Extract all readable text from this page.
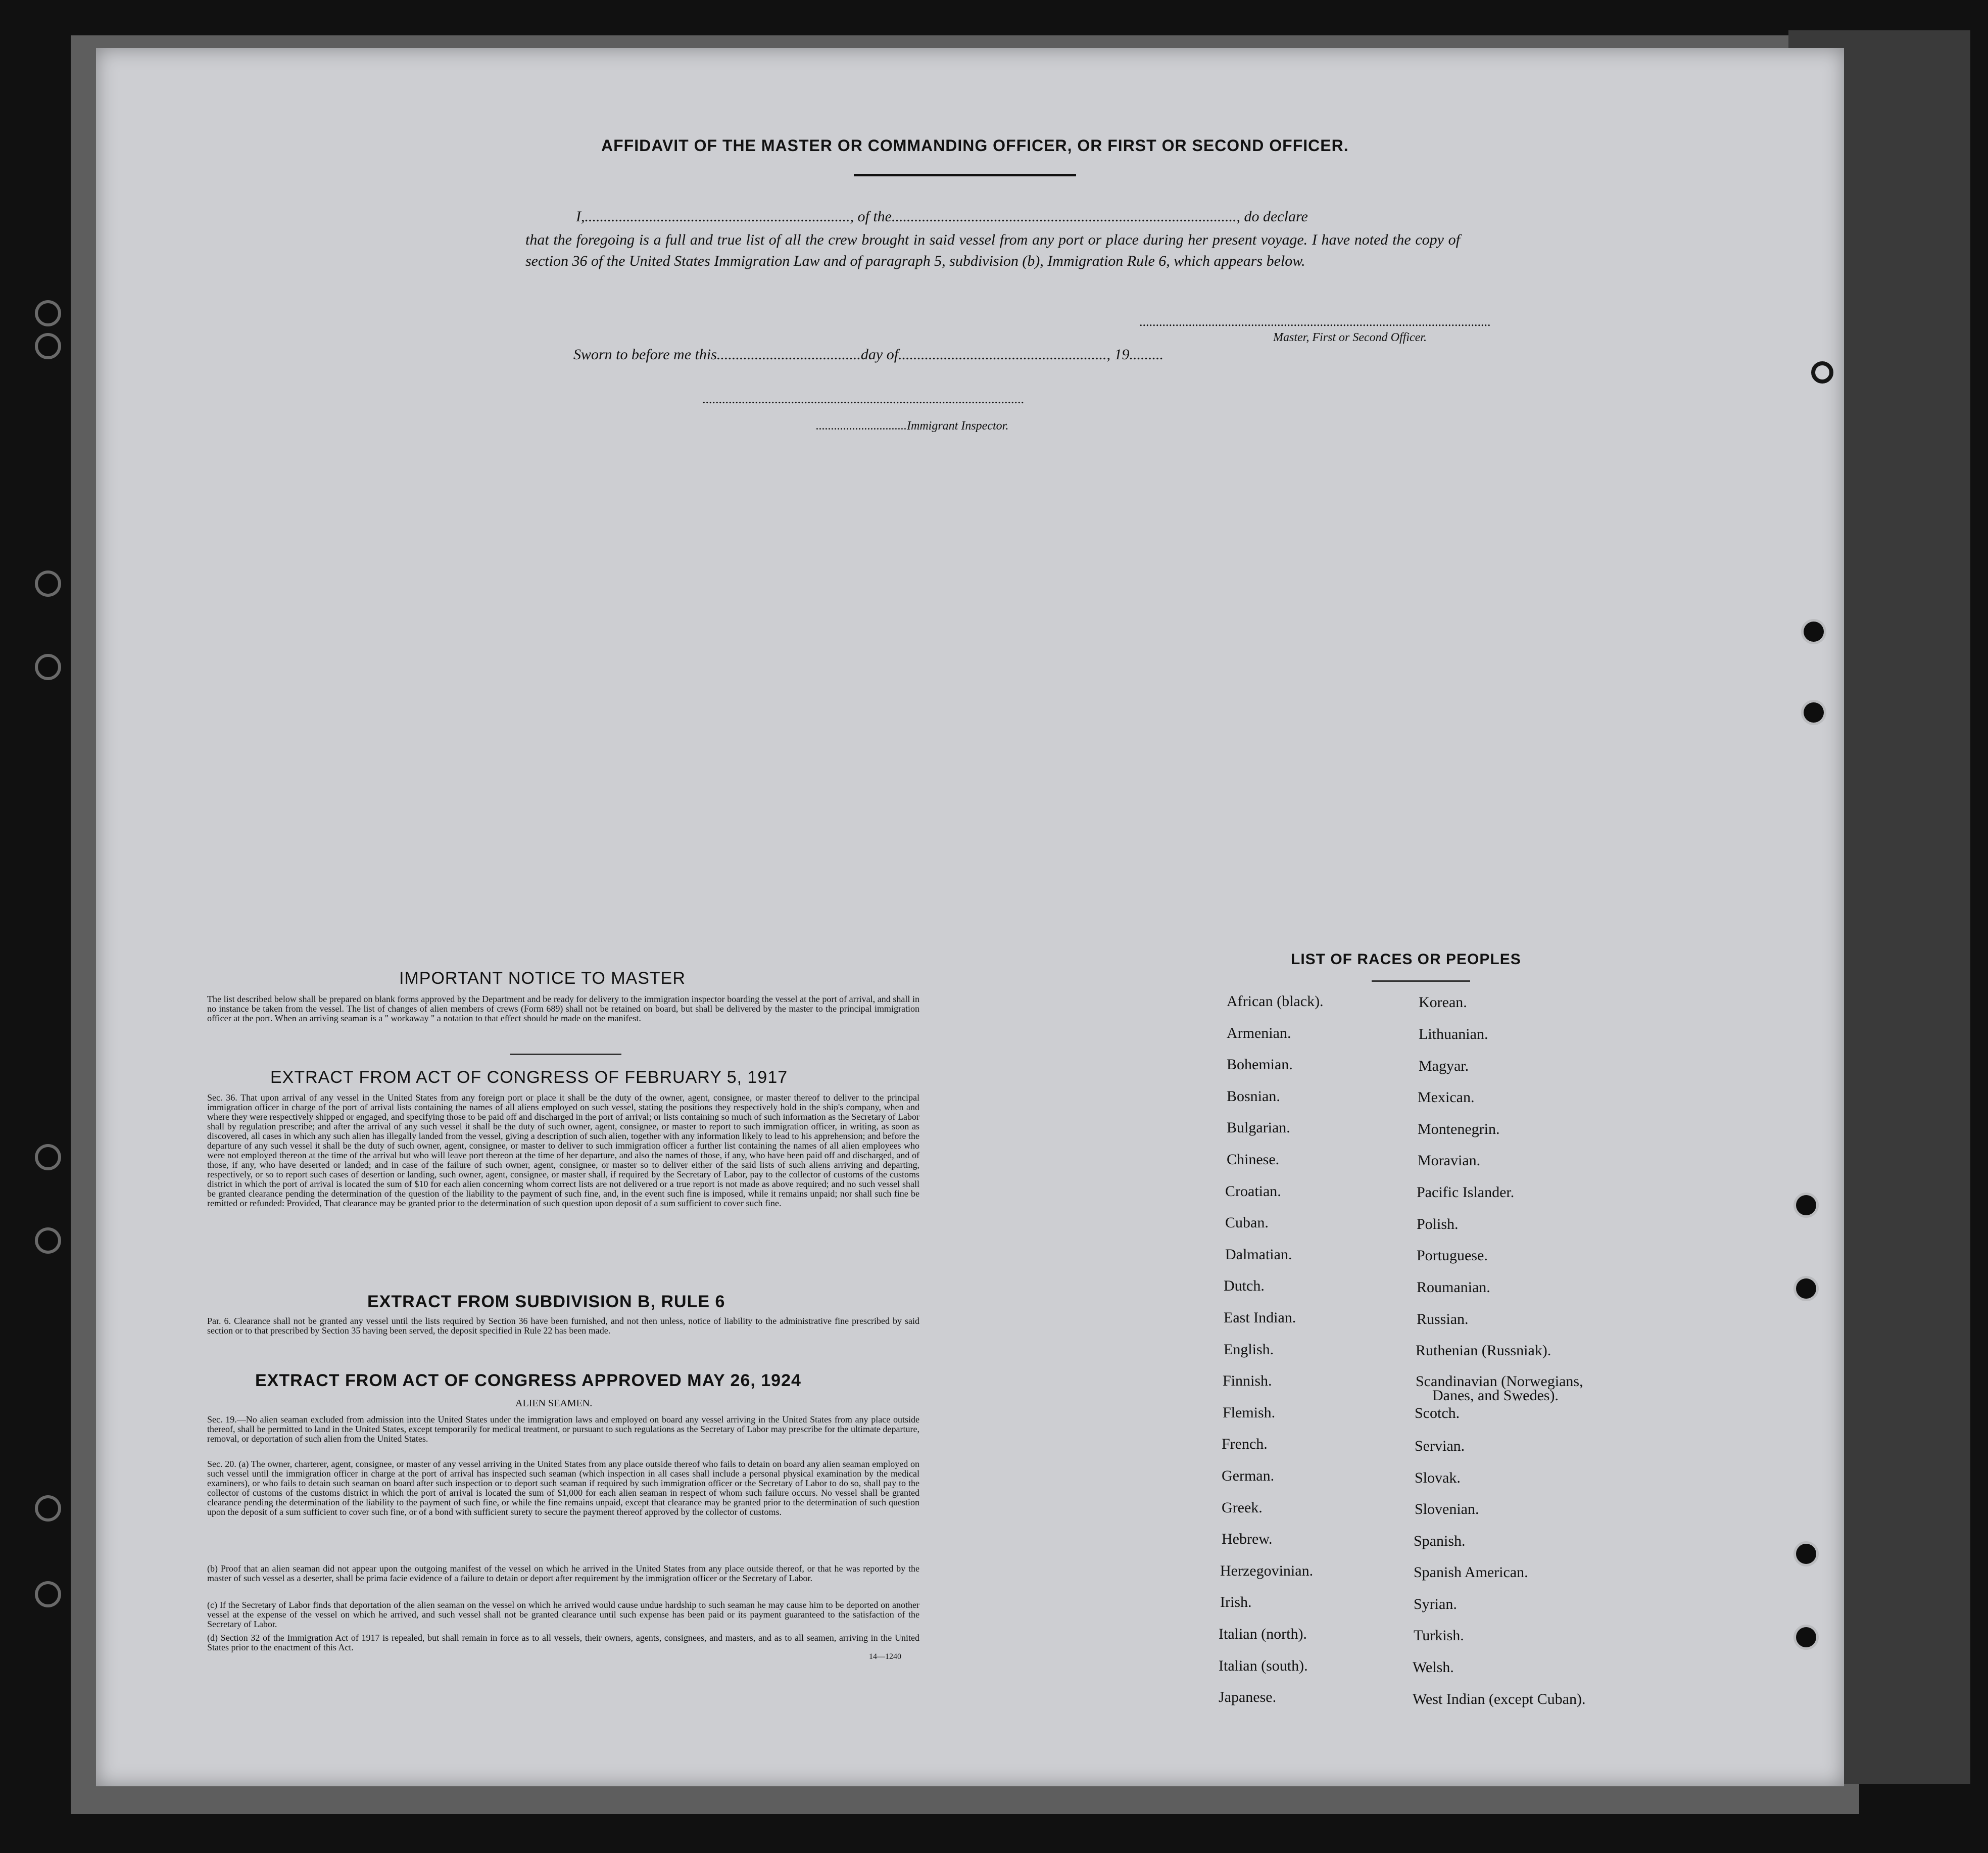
AFFIDAVIT OF THE MASTER OR COMMANDING OFFICER, OR FIRST OR SECOND OFFICER.
I,......................................................................, of the..........................................................................................., do declare
that the foregoing is a full and true list of all the crew brought in said vessel from any port or place during her present voyage. I have noted the copy of section 36 of the United States Immigration Law and of paragraph 5, subdivision (b), Immigration Rule 6, which appears below.
...........................................................................................................
Master, First or Second Officer.
Sworn to before me this......................................day of......................................................., 19.........
..................................................................................................
..............................Immigrant Inspector.
IMPORTANT NOTICE TO MASTER
The list described below shall be prepared on blank forms approved by the Department and be ready for delivery to the immigration inspector boarding the vessel at the port of arrival, and shall in no instance be taken from the vessel. The list of changes of alien members of crews (Form 689) shall not be retained on board, but shall be delivered by the master to the principal immigration officer at the port. When an arriving seaman is a " workaway " a notation to that effect should be made on the manifest.
EXTRACT FROM ACT OF CONGRESS OF FEBRUARY 5, 1917
Sec. 36. That upon arrival of any vessel in the United States from any foreign port or place it shall be the duty of the owner, agent, consignee, or master thereof to deliver to the principal immigration officer in charge of the port of arrival lists containing the names of all aliens employed on such vessel, stating the positions they respectively hold in the ship's company, when and where they were respectively shipped or engaged, and specifying those to be paid off and discharged in the port of arrival; or lists containing so much of such information as the Secretary of Labor shall by regulation prescribe; and after the arrival of any such vessel it shall be the duty of such owner, agent, consignee, or master to report to such immigration officer, in writing, as soon as discovered, all cases in which any such alien has illegally landed from the vessel, giving a description of such alien, together with any information likely to lead to his apprehension; and before the departure of any such vessel it shall be the duty of such owner, agent, consignee, or master to deliver to such immigration officer a further list containing the names of all alien employees who were not employed thereon at the time of the arrival but who will leave port thereon at the time of her departure, and also the names of those, if any, who have been paid off and discharged, and of those, if any, who have deserted or landed; and in case of the failure of such owner, agent, consignee, or master so to deliver either of the said lists of such aliens arriving and departing, respectively, or so to report such cases of desertion or landing, such owner, agent, consignee, or master shall, if required by the Secretary of Labor, pay to the collector of customs of the customs district in which the port of arrival is located the sum of $10 for each alien concerning whom correct lists are not delivered or a true report is not made as above required; and no such vessel shall be granted clearance pending the determination of the question of the liability to the payment of such fine, and, in the event such fine is imposed, while it remains unpaid; nor shall such fine be remitted or refunded: Provided, That clearance may be granted prior to the determination of such question upon deposit of a sum sufficient to cover such fine.
EXTRACT FROM SUBDIVISION B, RULE 6
Par. 6. Clearance shall not be granted any vessel until the lists required by Section 36 have been furnished, and not then unless, notice of liability to the administrative fine prescribed by said section or to that prescribed by Section 35 having been served, the deposit specified in Rule 22 has been made.
EXTRACT FROM ACT OF CONGRESS APPROVED MAY 26, 1924
ALIEN SEAMEN.
Sec. 19.—No alien seaman excluded from admission into the United States under the immigration laws and employed on board any vessel arriving in the United States from any place outside thereof, shall be permitted to land in the United States, except temporarily for medical treatment, or pursuant to such regulations as the Secretary of Labor may prescribe for the ultimate departure, removal, or deportation of such alien from the United States.
Sec. 20. (a) The owner, charterer, agent, consignee, or master of any vessel arriving in the United States from any place outside thereof who fails to detain on board any alien seaman employed on such vessel until the immigration officer in charge at the port of arrival has inspected such seaman (which inspection in all cases shall include a personal physical examination by the medical examiners), or who fails to detain such seaman on board after such inspection or to deport such seaman if required by such immigration officer or the Secretary of Labor to do so, shall pay to the collector of customs of the customs district in which the port of arrival is located the sum of $1,000 for each alien seaman in respect of whom such failure occurs. No vessel shall be granted clearance pending the determination of the liability to the payment of such fine, or while the fine remains unpaid, except that clearance may be granted prior to the determination of such question upon the deposit of a sum sufficient to cover such fine, or of a bond with sufficient surety to secure the payment thereof approved by the collector of customs.
(b) Proof that an alien seaman did not appear upon the outgoing manifest of the vessel on which he arrived in the United States from any place outside thereof, or that he was reported by the master of such vessel as a deserter, shall be prima facie evidence of a failure to detain or deport after requirement by the immigration officer or the Secretary of Labor.
(c) If the Secretary of Labor finds that deportation of the alien seaman on the vessel on which he arrived would cause undue hardship to such seaman he may cause him to be deported on another vessel at the expense of the vessel on which he arrived, and such vessel shall not be granted clearance until such expense has been paid or its payment guaranteed to the satisfaction of the Secretary of Labor.
(d) Section 32 of the Immigration Act of 1917 is repealed, but shall remain in force as to all vessels, their owners, agents, consignees, and masters, and as to all seamen, arriving in the United States prior to the enactment of this Act.
14—1240
LIST OF RACES OR PEOPLES
African (black).
Armenian.
Bohemian.
Bosnian.
Bulgarian.
Chinese.
Croatian.
Cuban.
Dalmatian.
Dutch.
East Indian.
English.
Finnish.
Flemish.
French.
German.
Greek.
Hebrew.
Herzegovinian.
Irish.
Italian (north).
Italian (south).
Japanese.
Korean.
Lithuanian.
Magyar.
Mexican.
Montenegrin.
Moravian.
Pacific Islander.
Polish.
Portuguese.
Roumanian.
Russian.
Ruthenian (Russniak).
Scandinavian (Norwegians,
Danes, and Swedes).
Scotch.
Servian.
Slovak.
Slovenian.
Spanish.
Spanish American.
Syrian.
Turkish.
Welsh.
West Indian (except Cuban).
